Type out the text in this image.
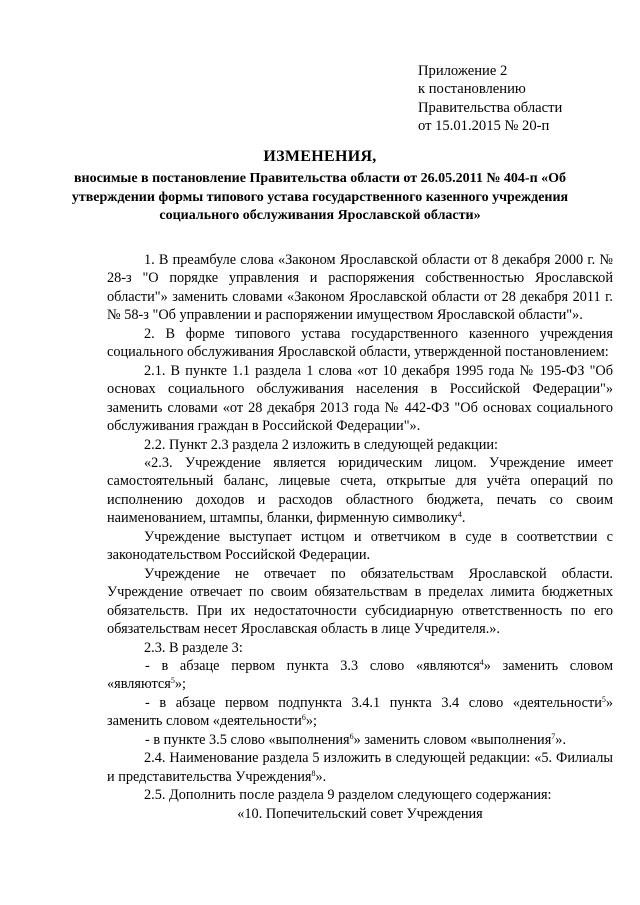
Приложение 2
к постановлению
Правительства области
от 15.01.2015 № 20-п
ИЗМЕНЕНИЯ,
вносимые в постановление Правительства области от 26.05.2011 № 404-п «Об утверждении формы типового устава государственного казенного учреждения социального обслуживания Ярославской области»

1. В преамбуле слова «Законом Ярославской области от 8 декабря 2000 г. № 28-з "О порядке управления и распоряжения собственностью Ярославской области"» заменить словами «Законом Ярославской области от 28 декабря 2011 г. № 58-з "Об управлении и распоряжении имуществом Ярославской области"».

2. В форме типового устава государственного казенного учреждения социального обслуживания Ярославской области, утвержденной постановлением:

2.1. В пункте 1.1 раздела 1 слова «от 10 декабря 1995 года № 195-ФЗ "Об основах социального обслуживания населения в Российской Федерации"» заменить словами «от 28 декабря 2013 года № 442-ФЗ "Об основах социального обслуживания граждан в Российской Федерации"».

2.2. Пункт 2.3 раздела 2 изложить в следующей редакции:

«2.3. Учреждение является юридическим лицом. Учреждение имеет самостоятельный баланс, лицевые счета, открытые для учёта операций по исполнению доходов и расходов областного бюджета, печать со своим наименованием, штампы, бланки, фирменную символику$^4$.

Учреждение выступает истцом и ответчиком в суде в соответствии с законодательством Российской Федерации.

Учреждение не отвечает по обязательствам Ярославской области. Учреждение отвечает по своим обязательствам в пределах лимита бюджетных обязательств. При их недостаточности субсидиарную ответственность по его обязательствам несет Ярославская область в лице Учредителя.».

2.3. В разделе 3:

- в абзаце первом пункта 3.3 слово «являются$^4$» заменить словом «являются$^5$»;

- в абзаце первом подпункта 3.4.1 пункта 3.4 слово «деятельности$^5$» заменить словом «деятельности$^6$»;

- в пункте 3.5 слово «выполнения$^6$» заменить словом «выполнения$^7$».

2.4. Наименование раздела 5 изложить в следующей редакции: «5. Филиалы и представительства Учреждения$^8$».

2.5. Дополнить после раздела 9 разделом следующего содержания:

«10. Попечительский совет Учреждения
